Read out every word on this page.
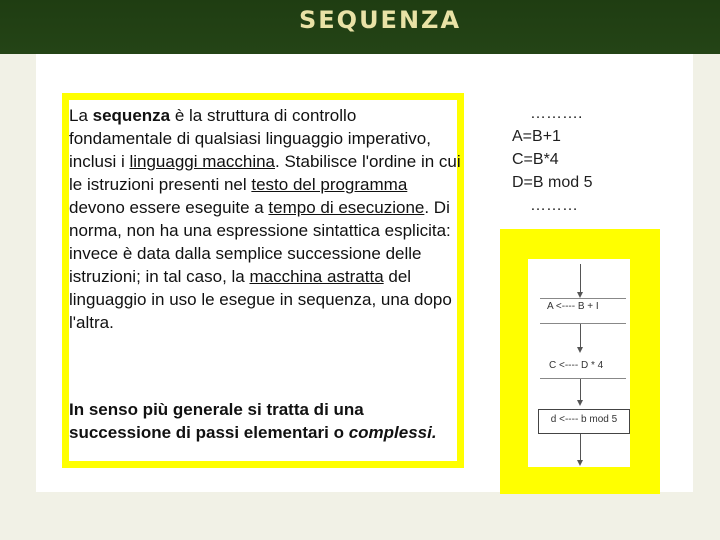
SEQUENZA
La sequenza è la struttura di controllo fondamentale di qualsiasi linguaggio imperativo, inclusi i linguaggi macchina. Stabilisce l'ordine in cui le istruzioni presenti nel testo del programma devono essere eseguite a tempo di esecuzione. Di norma, non ha una espressione sintattica esplicita: invece è data dalla semplice successione delle istruzioni; in tal caso, la macchina astratta del linguaggio in uso le esegue in sequenza, una dopo l'altra.
In senso più generale si tratta di una successione di passi elementari o complessi.
……….
A=B+1
C=B*4
D=B mod 5
………
A <---- B + I
C <---- D * 4
d <---- b mod 5
